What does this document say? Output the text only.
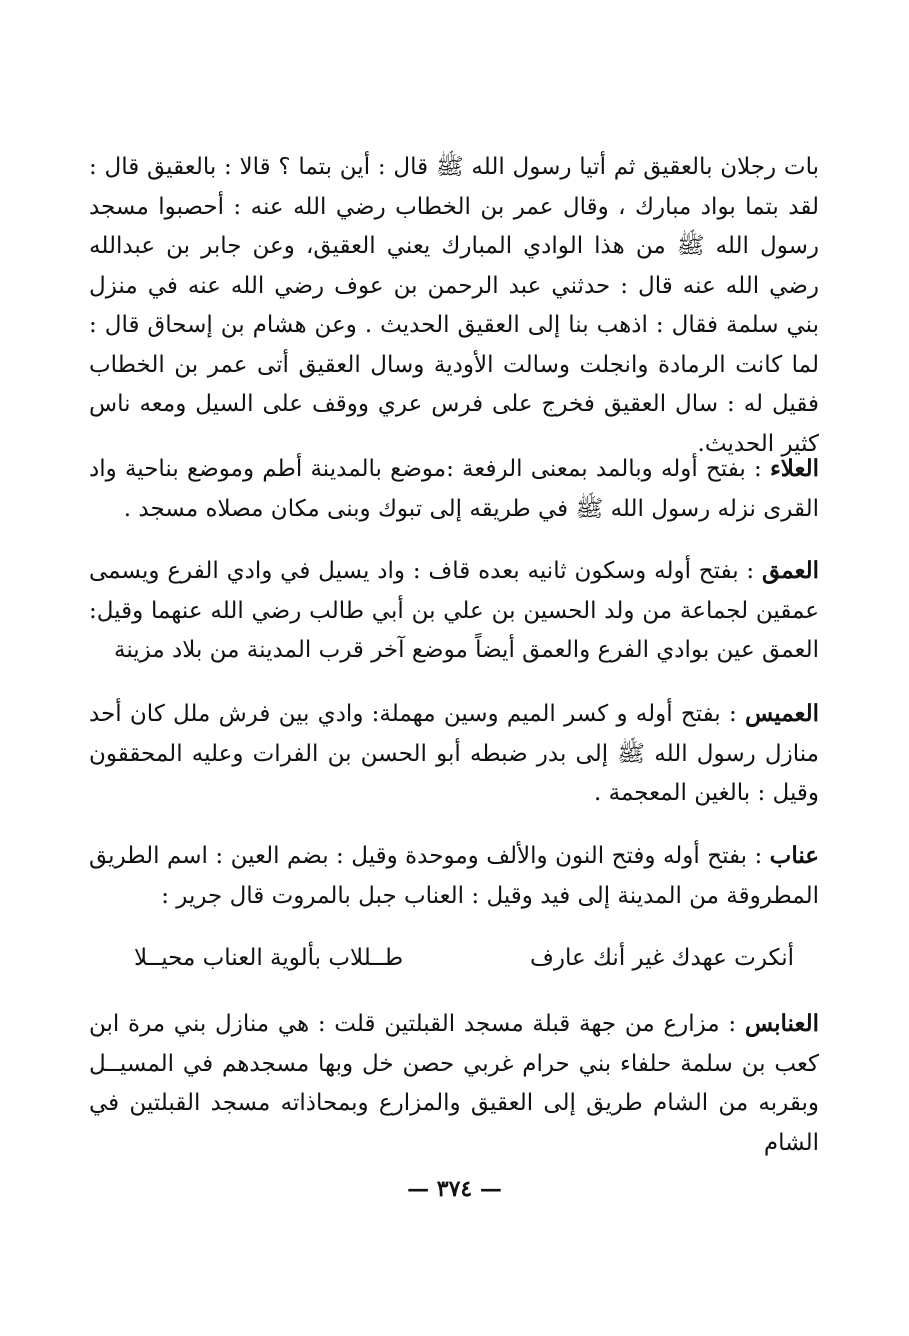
بات رجلان بالعقيق ثم أتيا رسول الله ﷺ قال : أين بتما ؟ قالا : بالعقيق قال : لقد بتما بواد مبارك ، وقال عمر بن الخطاب رضي الله عنه : أحصبوا مسجد رسول الله ﷺ من هذا الوادي المبارك يعني العقيق، وعن جابر بن عبدالله رضي الله عنه قال : حدثني عبد الرحمن بن عوف رضي الله عنه في منزل بني سلمة فقال : اذهب بنا إلى العقيق الحديث . وعن هشام بن إسحاق قال : لما كانت الرمادة وانجلت وسالت الأودية وسال العقيق أتى عمر بن الخطاب فقيل له : سال العقيق فخرج على فرس عري ووقف على السيل ومعه ناس كثير الحديث.

العلاء : بفتح أوله وبالمد بمعنى الرفعة :موضع بالمدينة أطم وموضع بناحية واد القرى نزله رسول الله ﷺ في طريقه إلى تبوك وبنى مكان مصلاه مسجد .

العمق : بفتح أوله وسكون ثانيه بعده قاف : واد يسيل في وادي الفرع ويسمى عمقين لجماعة من ولد الحسين بن علي بن أبي طالب رضي الله عنهما وقيل: العمق عين بوادي الفرع والعمق أيضاً موضع آخر قرب المدينة من بلاد مزينة

العميس : بفتح أوله و كسر الميم وسين مهملة: وادي بين فرش ملل كان أحد منازل رسول الله ﷺ إلى بدر ضبطه أبو الحسن بن الفرات وعليه المحققون وقيل : بالغين المعجمة .

عناب : بفتح أوله وفتح النون والألف وموحدة وقيل : بضم العين : اسم الطريق المطروقة من المدينة إلى فيد وقيل : العناب جبل بالمروت قال جرير :

أنكرت عهدك غير أنك عارف
طــللاب بألوية العناب محيــلا

العنابس : مزارع من جهة قبلة مسجد القبلتين قلت : هي منازل بني مرة ابن كعب بن سلمة حلفاء بني حرام غربي حصن خل وبها مسجدهم في المسيــل وبقربه من الشام طريق إلى العقيق والمزارع وبمحاذاته مسجد القبلتين في الشام

— ٣٧٤ —
